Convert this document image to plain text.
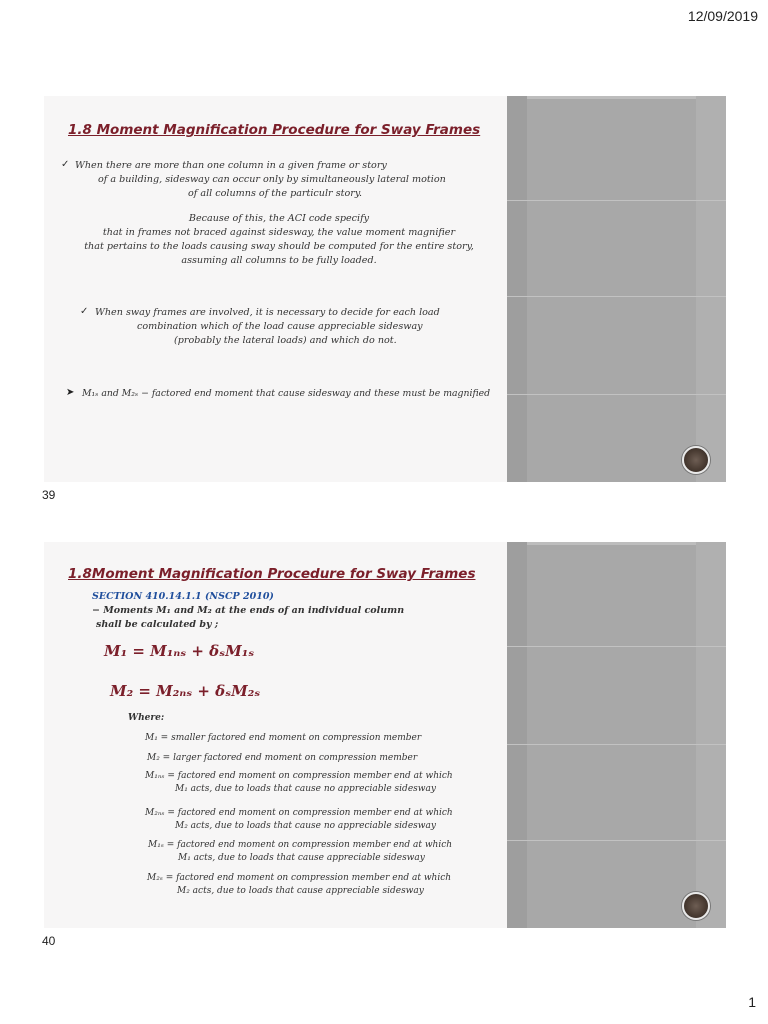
12/09/2019
1.8 Moment Magnification Procedure for Sway Frames
✓ When there are more than one column in a given frame or story
of a building, sidesway can occur only by simultaneously lateral motion
of all columns of the particulr story.
Because of this, the ACI code specify
that in frames not braced against sidesway, the value moment magnifier
that pertains to the loads causing sway should be computed for the entire story,
assuming all columns to be fully loaded.
✓ When sway frames are involved, it is necessary to decide for each load
combination which of the load cause appreciable sidesway
(probably the lateral loads) and which do not.
➤ M₁ₛ and M₂ₛ − factored end moment that cause sidesway and these must be magnified
39
1.8Moment Magnification Procedure for Sway Frames
SECTION 410.14.1.1 (NSCP 2010)
− Moments M₁ and M₂ at the ends of an individual column
shall be calculated by ;
M₁ = M₁ₙₛ + δₛM₁ₛ
M₂ = M₂ₙₛ + δₛM₂ₛ
Where:
M₁ = smaller factored end moment on compression member
M₂ = larger factored end moment on compression member
M₁ₙₛ = factored end moment on compression member end at which
M₁ acts, due to loads that cause no appreciable sidesway
M₂ₙₛ = factored end moment on compression member end at which
M₂ acts, due to loads that cause no appreciable sidesway
M₁ₛ = factored end moment on compression member end at which
M₁ acts, due to loads that cause appreciable sidesway
M₂ₛ = factored end moment on compression member end at which
M₂ acts, due to loads that cause appreciable sidesway
40
1
